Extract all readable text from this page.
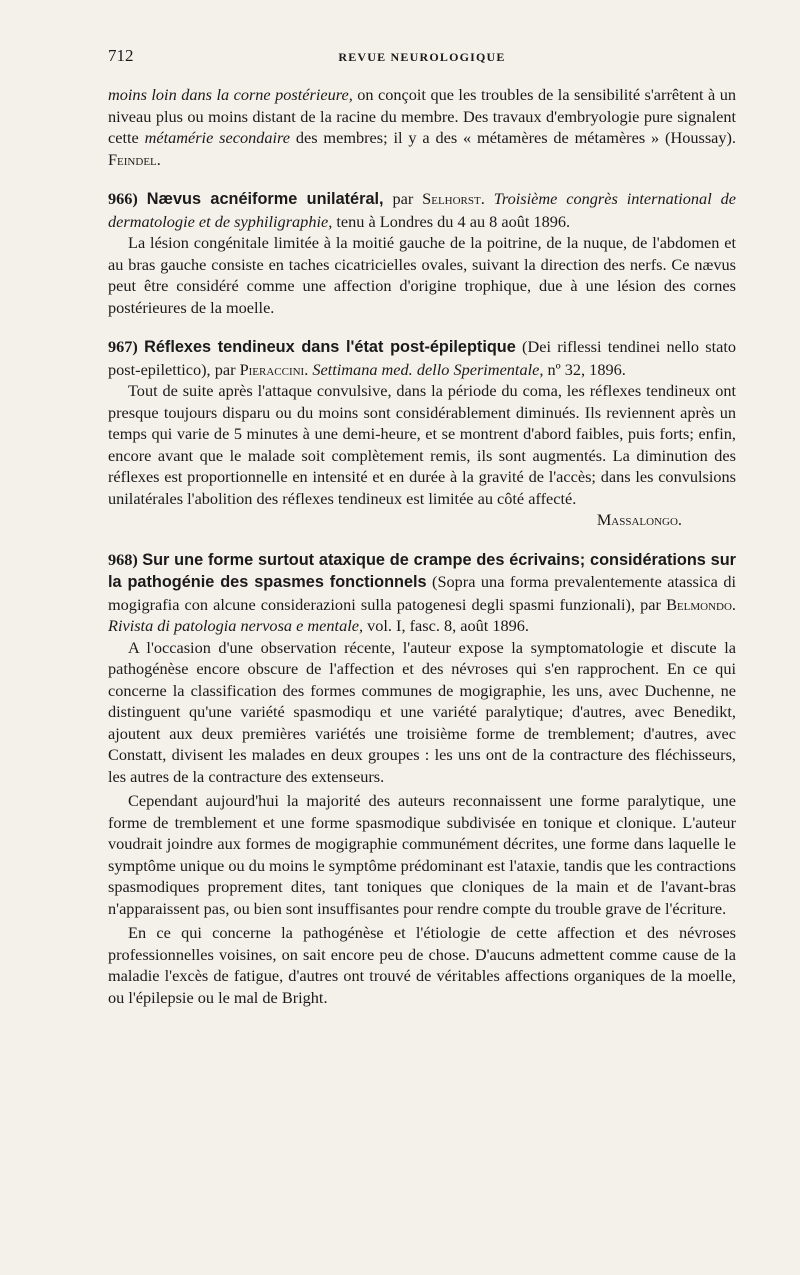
712	REVUE NEUROLOGIQUE

moins loin dans la corne postérieure, on conçoit que les troubles de la sensibilité s'arrêtent à un niveau plus ou moins distant de la racine du membre. Des travaux d'embryologie pure signalent cette métamérie secondaire des membres; il y a des « métamères de métamères » (Houssay). Feindel.

966) Nævus acnéiforme unilatéral, par Selhorst. Troisième congrès international de dermatologie et de syphiligraphie, tenu à Londres du 4 au 8 août 1896.

La lésion congénitale limitée à la moitié gauche de la poitrine, de la nuque, de l'abdomen et au bras gauche consiste en taches cicatricielles ovales, suivant la direction des nerfs. Ce nævus peut être considéré comme une affection d'origine trophique, due à une lésion des cornes postérieures de la moelle.

967) Réflexes tendineux dans l'état post-épileptique (Dei riflessi tendinei nello stato post-epilettico), par Pieraccini. Settimana med. dello Sperimentale, nº 32, 1896.

Tout de suite après l'attaque convulsive, dans la période du coma, les réflexes tendineux ont presque toujours disparu ou du moins sont considérablement diminués. Ils reviennent après un temps qui varie de 5 minutes à une demi-heure, et se montrent d'abord faibles, puis forts; enfin, encore avant que le malade soit complètement remis, ils sont augmentés. La diminution des réflexes est proportionnelle en intensité et en durée à la gravité de l'accès; dans les convulsions unilatérales l'abolition des réflexes tendineux est limitée au côté affecté.

Massalongo.

968) Sur une forme surtout ataxique de crampe des écrivains; considérations sur la pathogénie des spasmes fonctionnels (Sopra una forma prevalentemente atassica di mogigrafia con alcune considerazioni sulla patogenesi degli spasmi funzionali), par Belmondo. Rivista di patologia nervosa e mentale, vol. I, fasc. 8, août 1896.

A l'occasion d'une observation récente, l'auteur expose la symptomatologie et discute la pathogénèse encore obscure de l'affection et des névroses qui s'en rapprochent. En ce qui concerne la classification des formes communes de mogigraphie, les uns, avec Duchenne, ne distinguent qu'une variété spasmodiqu et une variété paralytique; d'autres, avec Benedikt, ajoutent aux deux premières variétés une troisième forme de tremblement; d'autres, avec Constatt, divisent les malades en deux groupes : les uns ont de la contracture des fléchisseurs, les autres de la contracture des extenseurs.

Cependant aujourd'hui la majorité des auteurs reconnaissent une forme paralytique, une forme de tremblement et une forme spasmodique subdivisée en tonique et clonique. L'auteur voudrait joindre aux formes de mogigraphie communément décrites, une forme dans laquelle le symptôme unique ou du moins le symptôme prédominant est l'ataxie, tandis que les contractions spasmodiques proprement dites, tant toniques que cloniques de la main et de l'avant-bras n'apparaissent pas, ou bien sont insuffisantes pour rendre compte du trouble grave de l'écriture.

En ce qui concerne la pathogénèse et l'étiologie de cette affection et des névroses professionnelles voisines, on sait encore peu de chose. D'aucuns admettent comme cause de la maladie l'excès de fatigue, d'autres ont trouvé de véritables affections organiques de la moelle, ou l'épilepsie ou le mal de Bright.
